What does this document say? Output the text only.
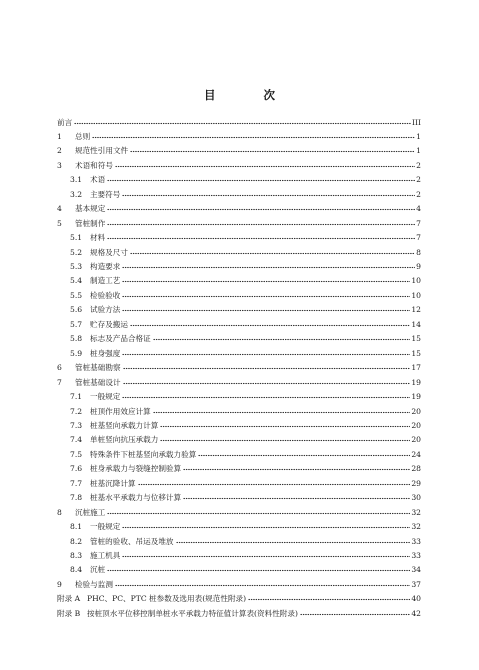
目 次
前言	III
1	总则	1
2	规范性引用文件	1
3	术语和符号	2
3.1	术语	2
3.2	主要符号	2
4	基本规定	4
5	管桩制作	7
5.1	材料	7
5.2	规格及尺寸	8
5.3	构造要求	9
5.4	制造工艺	10
5.5	检验验收	10
5.6	试验方法	12
5.7	贮存及搬运	14
5.8	标志及产品合格证	15
5.9	桩身强度	15
6	管桩基础勘察	17
7	管桩基础设计	19
7.1	一般规定	19
7.2	桩顶作用效应计算	20
7.3	桩基竖向承载力计算	20
7.4	单桩竖向抗压承载力	20
7.5	特殊条件下桩基竖向承载力验算	24
7.6	桩身承载力与裂缝控制验算	28
7.7	桩基沉降计算	29
7.8	桩基水平承载力与位移计算	30
8	沉桩施工	32
8.1	一般规定	32
8.2	管桩的验收、吊运及堆放	33
8.3	施工机具	33
8.4	沉桩	34
9	检验与监测	37
附录 A PHC、PC、PTC 桩参数及选用表(规范性附录)	40
附录 B 按桩顶水平位移控制单桩水平承载力特征值计算表(资料性附录)	42
